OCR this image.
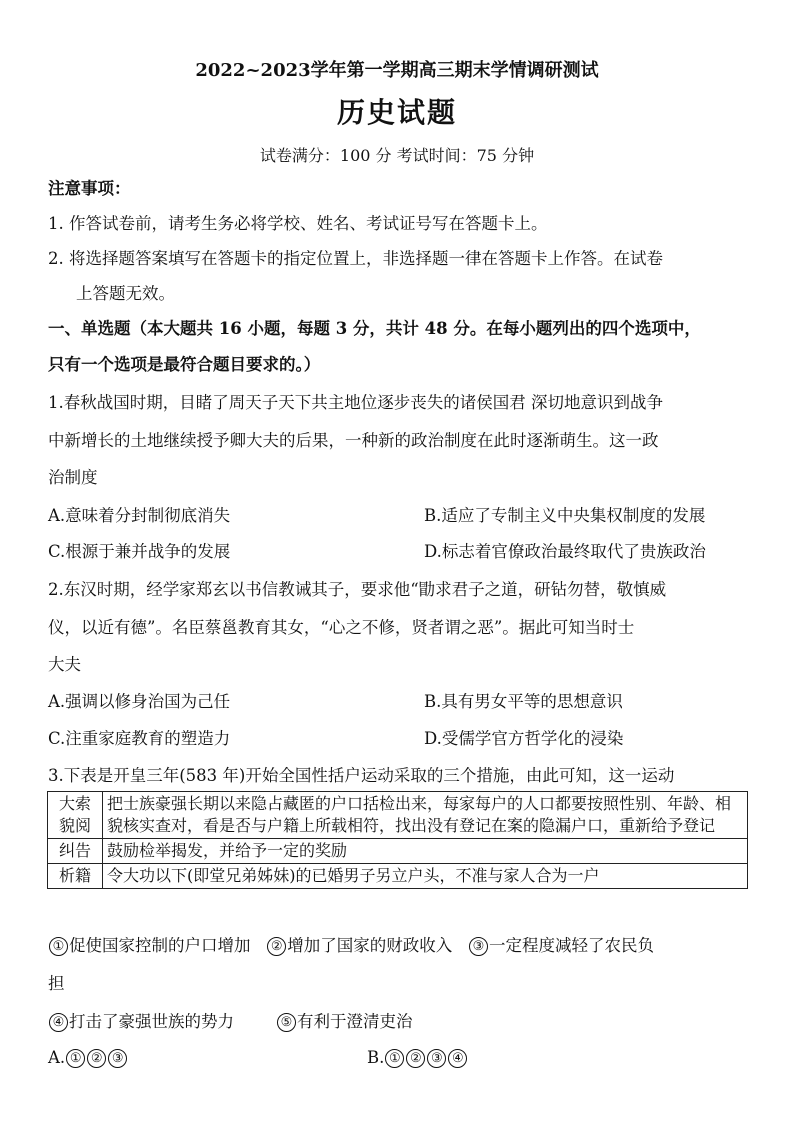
2022~2023学年第一学期高三期末学情调研测试
历史试题
试卷满分：100 分 考试时间：75 分钟
注意事项：
1. 作答试卷前，请考生务必将学校、姓名、考试证号写在答题卡上。
2. 将选择题答案填写在答题卡的指定位置上，非选择题一律在答题卡上作答。在试卷
上答题无效。
一、单选题（本大题共 16 小题，每题 3 分，共计 48 分。在每小题列出的四个选项中，
只有一个选项是最符合题目要求的。）
1.春秋战国时期，目睹了周天子天下共主地位逐步丧失的诸侯国君 深切地意识到战争
中新增长的土地继续授予卿大夫的后果，一种新的政治制度在此时逐渐萌生。这一政
治制度
A.意味着分封制彻底消失	B.适应了专制主义中央集权制度的发展
C.根源于兼并战争的发展	D.标志着官僚政治最终取代了贵族政治
2.东汉时期，经学家郑玄以书信教诫其子，要求他“勖求君子之道，研钻勿替，敬慎威
仪，以近有德”。名臣蔡邕教育其女，“心之不修，贤者谓之恶”。据此可知当时士
大夫
A.强调以修身治国为己任	B.具有男女平等的思想意识
C.注重家庭教育的塑造力	D.受儒学官方哲学化的浸染
3.下表是开皇三年(583 年)开始全国性括户运动采取的三个措施，由此可知，这一运动
大索貌阅	把士族豪强长期以来隐占藏匿的户口括检出来，每家每户的人口都要按照性别、年龄、相貌核实查对，看是否与户籍上所载相符，找出没有登记在案的隐漏户口，重新给予登记
纠告	鼓励检举揭发，并给予一定的奖励
析籍	令大功以下(即堂兄弟姊妹)的已婚男子另立户头，不准与家人合为一户
① 促使国家控制的户口增加 ② 增加了国家的财政收入 ③ 一定程度减轻了农民负
担
④ 打击了豪强世族的势力	⑤ 有利于澄清吏治
A. ① ② ③	B. ① ② ③ ④
